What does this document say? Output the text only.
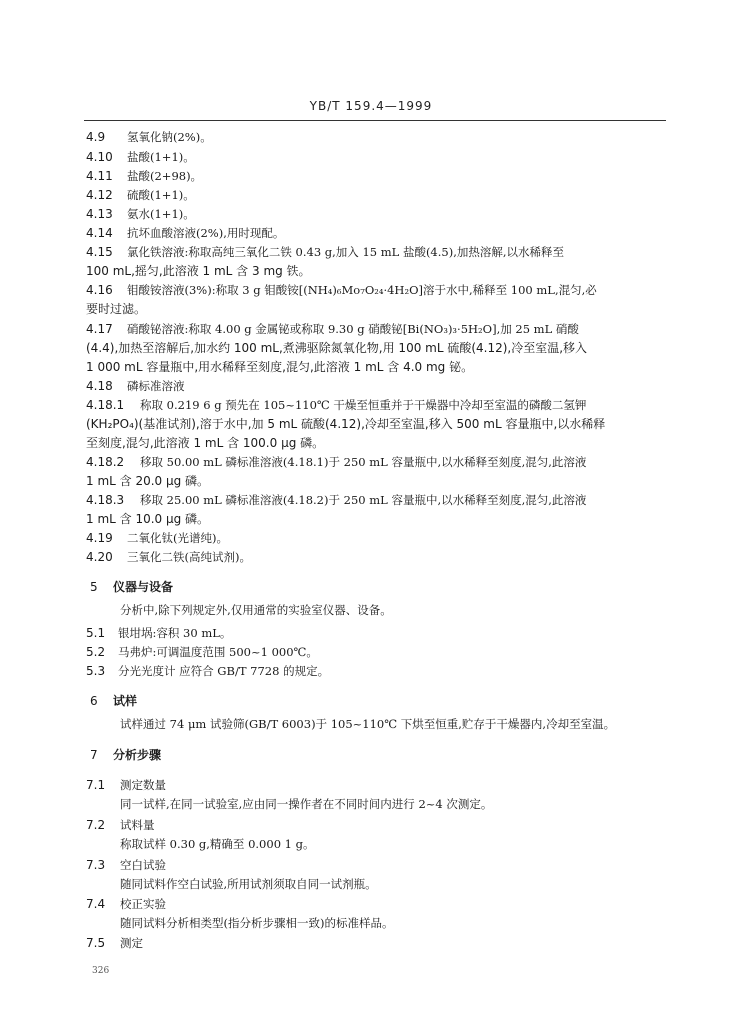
YB/T 159.4—1999
4.9 氢氧化钠(2%)。
4.10 盐酸(1+1)。
4.11 盐酸(2+98)。
4.12 硫酸(1+1)。
4.13 氨水(1+1)。
4.14 抗坏血酸溶液(2%),用时现配。
4.15 氯化铁溶液:称取高纯三氧化二铁 0.43 g,加入 15 mL 盐酸(4.5),加热溶解,以水稀释至
100 mL,摇匀,此溶液 1 mL 含 3 mg 铁。
4.16 钼酸铵溶液(3%):称取 3 g 钼酸铵[(NH₄)₆Mo₇O₂₄·4H₂O]溶于水中,稀释至 100 mL,混匀,必
要时过滤。
4.17 硝酸铋溶液:称取 4.00 g 金属铋或称取 9.30 g 硝酸铋[Bi(NO₃)₃·5H₂O],加 25 mL 硝酸
(4.4),加热至溶解后,加水约 100 mL,煮沸驱除氮氧化物,用 100 mL 硫酸(4.12),冷至室温,移入
1 000 mL 容量瓶中,用水稀释至刻度,混匀,此溶液 1 mL 含 4.0 mg 铋。
4.18 磷标准溶液
4.18.1 称取 0.219 6 g 预先在 105~110℃ 干燥至恒重并于干燥器中冷却至室温的磷酸二氢钾
(KH₂PO₄)(基准试剂),溶于水中,加 5 mL 硫酸(4.12),冷却至室温,移入 500 mL 容量瓶中,以水稀释
至刻度,混匀,此溶液 1 mL 含 100.0 μg 磷。
4.18.2 移取 50.00 mL 磷标准溶液(4.18.1)于 250 mL 容量瓶中,以水稀释至刻度,混匀,此溶液
1 mL 含 20.0 μg 磷。
4.18.3 移取 25.00 mL 磷标准溶液(4.18.2)于 250 mL 容量瓶中,以水稀释至刻度,混匀,此溶液
1 mL 含 10.0 μg 磷。
4.19 二氧化钛(光谱纯)。
4.20 三氧化二铁(高纯试剂)。
5 仪器与设备
分析中,除下列规定外,仅用通常的实验室仪器、设备。
5.1 银坩埚:容积 30 mL。
5.2 马弗炉:可调温度范围 500~1 000℃。
5.3 分光光度计 应符合 GB/T 7728 的规定。
6 试样
试样通过 74 μm 试验筛(GB/T 6003)于 105~110℃ 下烘至恒重,贮存于干燥器内,冷却至室温。
7 分析步骤
7.1 测定数量
同一试样,在同一试验室,应由同一操作者在不同时间内进行 2~4 次测定。
7.2 试料量
称取试样 0.30 g,精确至 0.000 1 g。
7.3 空白试验
随同试料作空白试验,所用试剂须取自同一试剂瓶。
7.4 校正实验
随同试料分析相类型(指分析步骤相一致)的标准样品。
7.5 测定
326
